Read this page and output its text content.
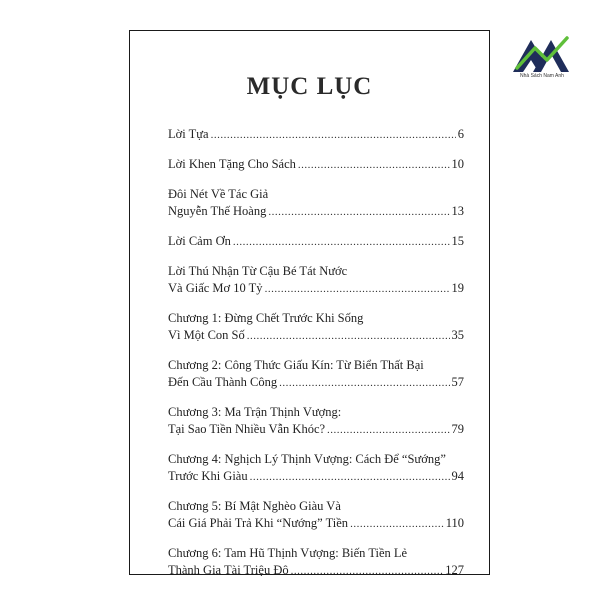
Nhà Sách Nam Anh
MỤC LỤC
Lời Tựa .....	6
Lời Khen Tặng Cho Sách .....	10
Đôi Nét Về Tác Giả
Nguyễn Thế Hoàng .....	13
Lời Cảm Ơn .....	15
Lời Thú Nhận Từ Cậu Bé Tát Nước
Và Giấc Mơ 10 Tỷ .....	19
Chương 1: Đừng Chết Trước Khi Sống
Vì Một Con Số .....	35
Chương 2: Công Thức Giấu Kín: Từ Biển Thất Bại
Đến Cầu Thành Công .....	57
Chương 3: Ma Trận Thịnh Vượng:
Tại Sao Tiền Nhiều Vẫn Khóc? .....	79
Chương 4: Nghịch Lý Thịnh Vượng: Cách Để “Sướng”
Trước Khi Giàu .....	94
Chương 5: Bí Mật Nghèo Giàu Và
Cái Giá Phải Trả Khi “Nướng” Tiền .....	110
Chương 6: Tam Hũ Thịnh Vượng: Biến Tiền Lẻ
Thành Gia Tài Triệu Đô .....	127
